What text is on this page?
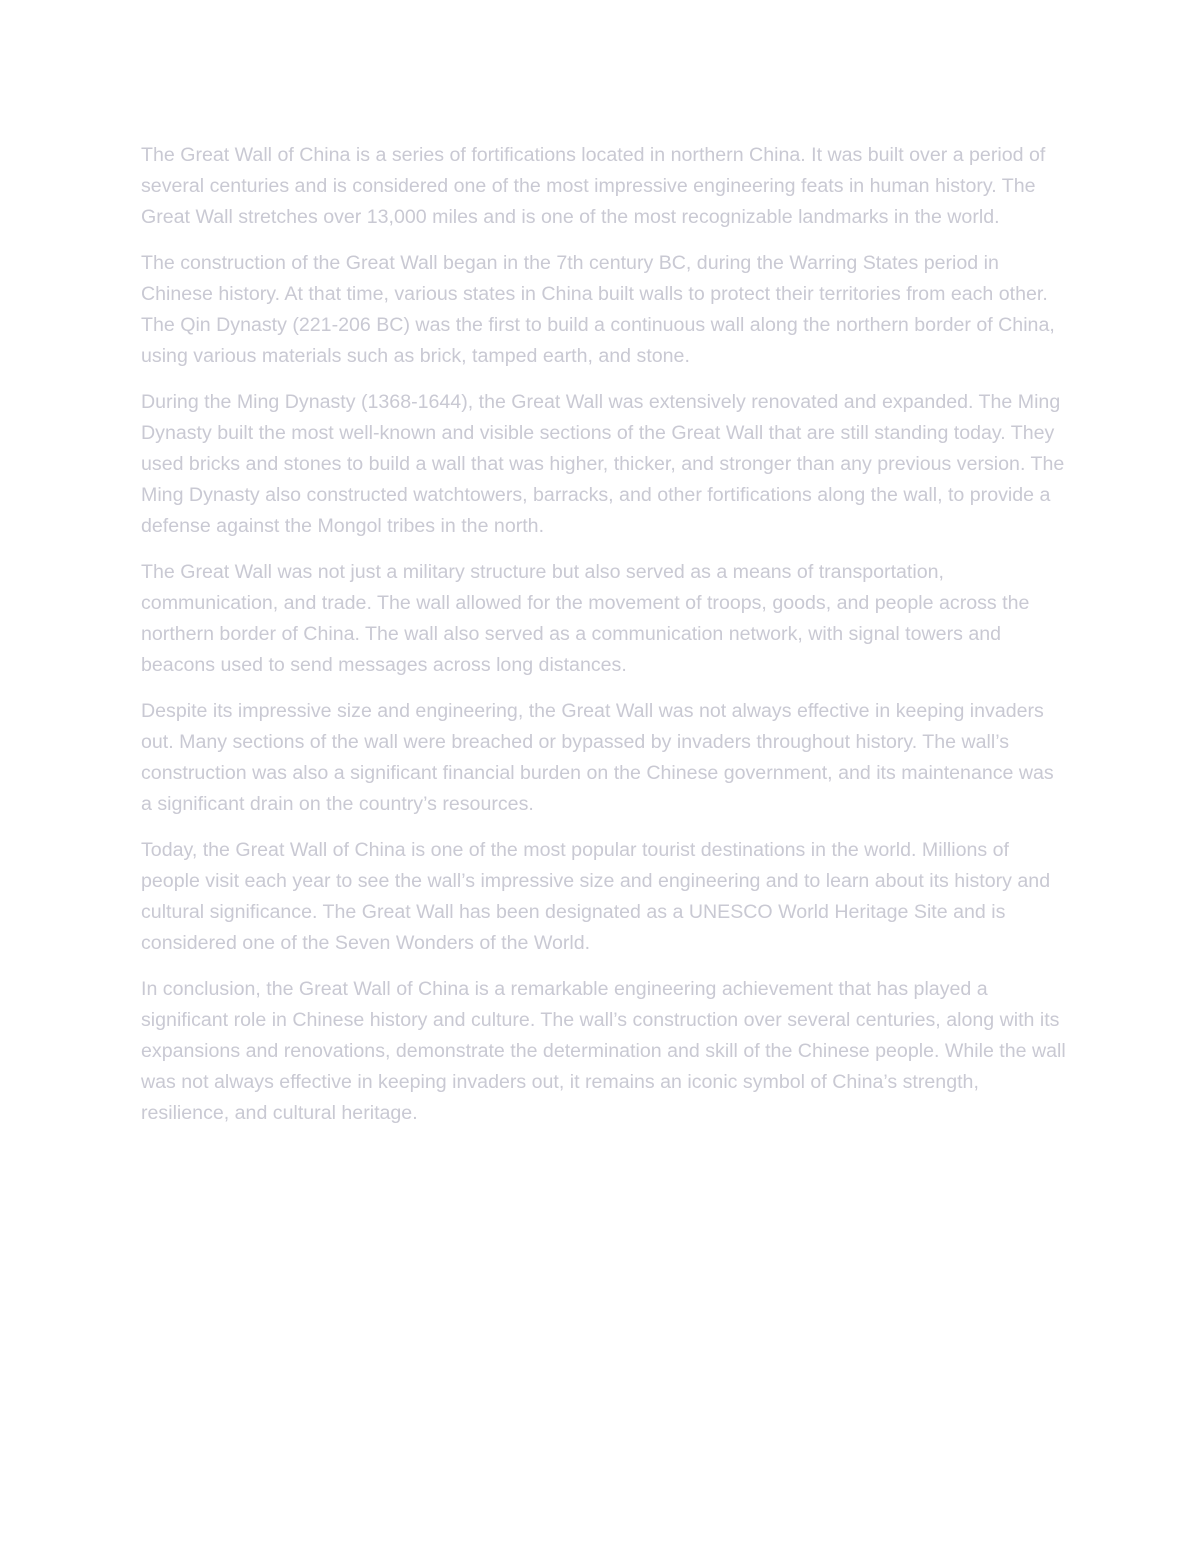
The Great Wall of China is a series of fortifications located in northern China. It was built over a period of several centuries and is considered one of the most impressive engineering feats in human history. The Great Wall stretches over 13,000 miles and is one of the most recognizable landmarks in the world.

The construction of the Great Wall began in the 7th century BC, during the Warring States period in Chinese history. At that time, various states in China built walls to protect their territories from each other. The Qin Dynasty (221-206 BC) was the first to build a continuous wall along the northern border of China, using various materials such as brick, tamped earth, and stone.

During the Ming Dynasty (1368-1644), the Great Wall was extensively renovated and expanded. The Ming Dynasty built the most well-known and visible sections of the Great Wall that are still standing today. They used bricks and stones to build a wall that was higher, thicker, and stronger than any previous version. The Ming Dynasty also constructed watchtowers, barracks, and other fortifications along the wall, to provide a defense against the Mongol tribes in the north.

The Great Wall was not just a military structure but also served as a means of transportation, communication, and trade. The wall allowed for the movement of troops, goods, and people across the northern border of China. The wall also served as a communication network, with signal towers and beacons used to send messages across long distances.

Despite its impressive size and engineering, the Great Wall was not always effective in keeping invaders out. Many sections of the wall were breached or bypassed by invaders throughout history. The wall’s construction was also a significant financial burden on the Chinese government, and its maintenance was a significant drain on the country’s resources.

Today, the Great Wall of China is one of the most popular tourist destinations in the world. Millions of people visit each year to see the wall’s impressive size and engineering and to learn about its history and cultural significance. The Great Wall has been designated as a UNESCO World Heritage Site and is considered one of the Seven Wonders of the World.

In conclusion, the Great Wall of China is a remarkable engineering achievement that has played a significant role in Chinese history and culture. The wall’s construction over several centuries, along with its expansions and renovations, demonstrate the determination and skill of the Chinese people. While the wall was not always effective in keeping invaders out, it remains an iconic symbol of China’s strength, resilience, and cultural heritage.
